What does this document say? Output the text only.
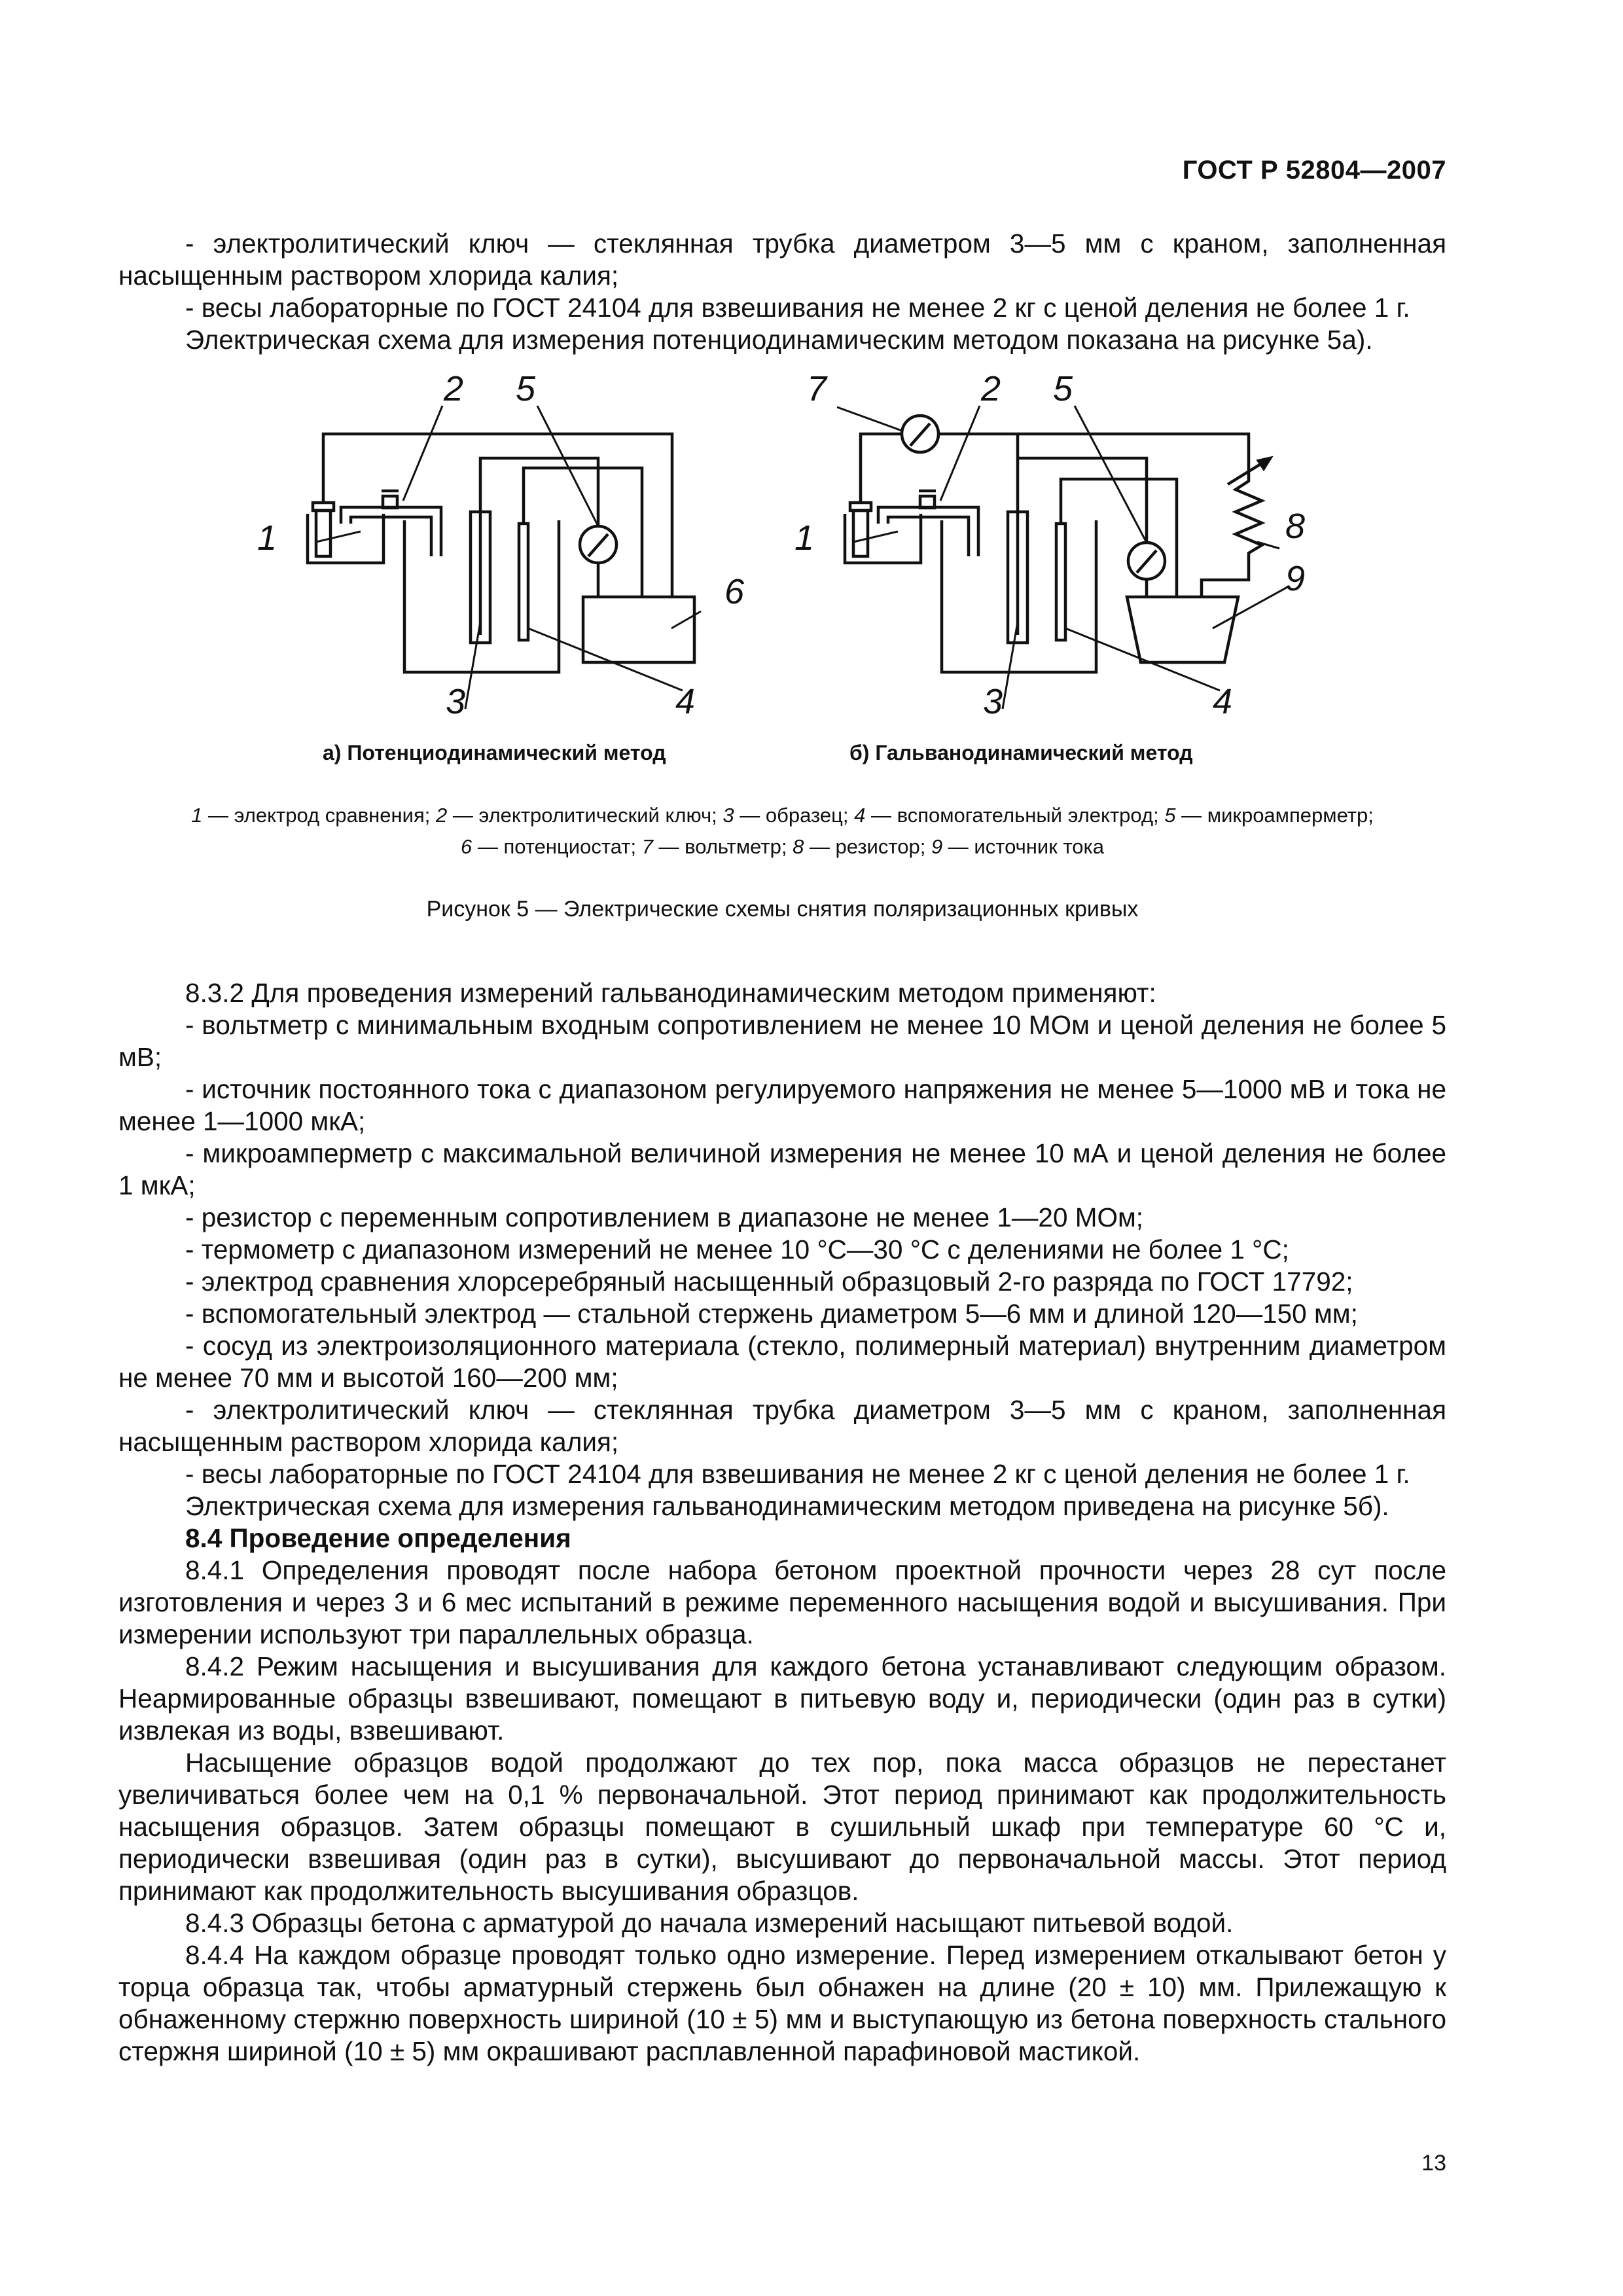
ГОСТ Р 52804—2007

- электролитический ключ — стеклянная трубка диаметром 3—5 мм с краном, заполненная насыщенным раствором хлорида калия;

- весы лабораторные по ГОСТ 24104 для взвешивания не менее 2 кг с ценой деления не более 1 г.

Электрическая схема для измерения потенциодинамическим методом показана на рисунке 5а).

1
2 5
6
3	4
7
1
2 5
8
9
3	4
а) Потенциодинамический метод	б) Гальванодинамический метод
1 — электрод сравнения; 2 — электролитический ключ; 3 — образец; 4 — вспомогательный электрод; 5 — микроамперметр;
6 — потенциостат; 7 — вольтметр; 8 — резистор; 9 — источник тока
Рисунок 5 — Электрические схемы снятия поляризационных кривых

8.3.2 Для проведения измерений гальванодинамическим методом применяют:

- вольтметр с минимальным входным сопротивлением не менее 10 МОм и ценой деления не более 5 мВ;

- источник постоянного тока с диапазоном регулируемого напряжения не менее 5—1000 мВ и тока не менее 1—1000 мкА;

- микроамперметр с максимальной величиной измерения не менее 10 мА и ценой деления не более 1 мкА;

- резистор с переменным сопротивлением в диапазоне не менее 1—20 МОм;

- термометр с диапазоном измерений не менее 10 °С—30 °С с делениями не более 1 °С;

- электрод сравнения хлорсеребряный насыщенный образцовый 2-го разряда по ГОСТ 17792;

- вспомогательный электрод — стальной стержень диаметром 5—6 мм и длиной 120—150 мм;

- сосуд из электроизоляционного материала (стекло, полимерный материал) внутренним диаметром не менее 70 мм и высотой 160—200 мм;

- электролитический ключ — стеклянная трубка диаметром 3—5 мм с краном, заполненная насыщенным раствором хлорида калия;

- весы лабораторные по ГОСТ 24104 для взвешивания не менее 2 кг с ценой деления не более 1 г.

Электрическая схема для измерения гальванодинамическим методом приведена на рисунке 5б).

8.4 Проведение определения

8.4.1 Определения проводят после набора бетоном проектной прочности через 28 сут после изготовления и через 3 и 6 мес испытаний в режиме переменного насыщения водой и высушивания. При измерении используют три параллельных образца.

8.4.2 Режим насыщения и высушивания для каждого бетона устанавливают следующим образом. Неармированные образцы взвешивают, помещают в питьевую воду и, периодически (один раз в сутки) извлекая из воды, взвешивают.

Насыщение образцов водой продолжают до тех пор, пока масса образцов не перестанет увеличиваться более чем на 0,1 % первоначальной. Этот период принимают как продолжительность насыщения образцов. Затем образцы помещают в сушильный шкаф при температуре 60 °С и, периодически взвешивая (один раз в сутки), высушивают до первоначальной массы. Этот период принимают как продолжительность высушивания образцов.

8.4.3 Образцы бетона с арматурой до начала измерений насыщают питьевой водой.

8.4.4 На каждом образце проводят только одно измерение. Перед измерением откалывают бетон у торца образца так, чтобы арматурный стержень был обнажен на длине (20 ± 10) мм. Прилежащую к обнаженному стержню поверхность шириной (10 ± 5) мм и выступающую из бетона поверхность стального стержня шириной (10 ± 5) мм окрашивают расплавленной парафиновой мастикой.

13
